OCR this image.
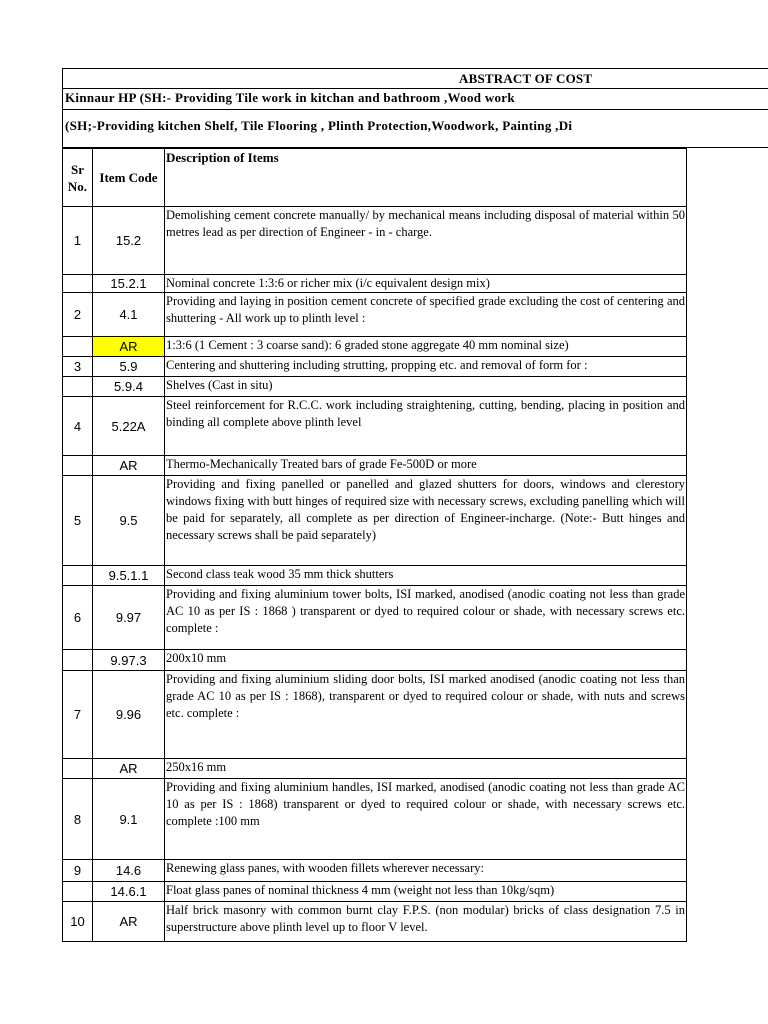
ABSTRACT OF COST
Kinnaur HP (SH:- Providing Tile work in kitchan and bathroom ,Wood work
(SH;-Providing kitchen Shelf, Tile Flooring , Plinth Protection,Woodwork, Painting ,Di
Sr No.	Item Code	Description of Items
1	15.2	Demolishing cement concrete manually/ by mechanical means including disposal of material within 50 metres lead as per direction of Engineer - in - charge.
	15.2.1	Nominal concrete 1:3:6 or richer mix (i/c equivalent design mix)
2	4.1	Providing and laying in position cement concrete of specified grade excluding the cost of centering and shuttering - All work up to plinth level :
	AR	1:3:6 (1 Cement : 3 coarse sand): 6 graded stone aggregate 40 mm nominal size)
3	5.9	Centering and shuttering including strutting, propping etc. and removal of form for :
	5.9.4	Shelves (Cast in situ)
4	5.22A	Steel reinforcement for R.C.C. work including straightening, cutting, bending, placing in position and binding all complete above plinth level
	AR	Thermo-Mechanically Treated bars of grade Fe-500D or more
5	9.5	Providing and fixing panelled or panelled and glazed shutters for doors, windows and clerestory windows fixing with butt hinges of required size with necessary screws, excluding panelling which will be paid for separately, all complete as per direction of Engineer-incharge. (Note:- Butt hinges and necessary screws shall be paid separately)
	9.5.1.1	Second class teak wood 35 mm thick shutters
6	9.97	Providing and fixing aluminium tower bolts, ISI marked, anodised (anodic coating not less than grade AC 10 as per IS : 1868 ) transparent or dyed to required colour or shade, with necessary screws etc. complete :
	9.97.3	200x10 mm
7	9.96	Providing and fixing aluminium sliding door bolts, ISI marked anodised (anodic coating not less than grade AC 10 as per IS : 1868), transparent or dyed to required colour or shade, with nuts and screws etc. complete :
	AR	250x16 mm
8	9.1	Providing and fixing aluminium handles, ISI marked, anodised (anodic coating not less than grade AC 10 as per IS : 1868) transparent or dyed to required colour or shade, with necessary screws etc. complete :100 mm
9	14.6	Renewing glass panes, with wooden fillets wherever necessary:
	14.6.1	Float glass panes of nominal thickness 4 mm (weight not less than 10kg/sqm)
10	AR	Half brick masonry with common burnt clay F.P.S. (non modular) bricks of class designation 7.5 in superstructure above plinth level up to floor V level.
